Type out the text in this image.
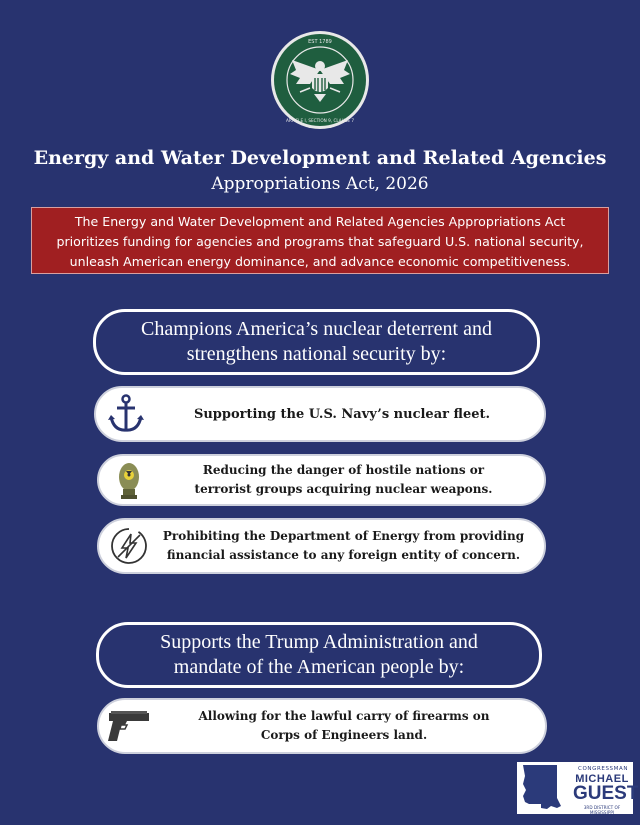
EST 1789
ARTICLE I, SECTION 9, CLAUSE 7
Energy and Water Development and Related Agencies
Appropriations Act, 2026
The Energy and Water Development and Related Agencies Appropriations Act
prioritizes funding for agencies and programs that safeguard U.S. national security,
unleash American energy dominance, and advance economic competitiveness.
Champions America’s nuclear deterrent and
strengthens national security by:
Supporting the U.S. Navy’s nuclear fleet.
Reducing the danger of hostile nations or
terrorist groups acquiring nuclear weapons.
Prohibiting the Department of Energy from providing
financial assistance to any foreign entity of concern.
Supports the Trump Administration and
mandate of the American people by:
Allowing for the lawful carry of firearms on
Corps of Engineers land.
CONGRESSMAN
MICHAEL
GUEST
3RD DISTRICT OF MISSISSIPPI
